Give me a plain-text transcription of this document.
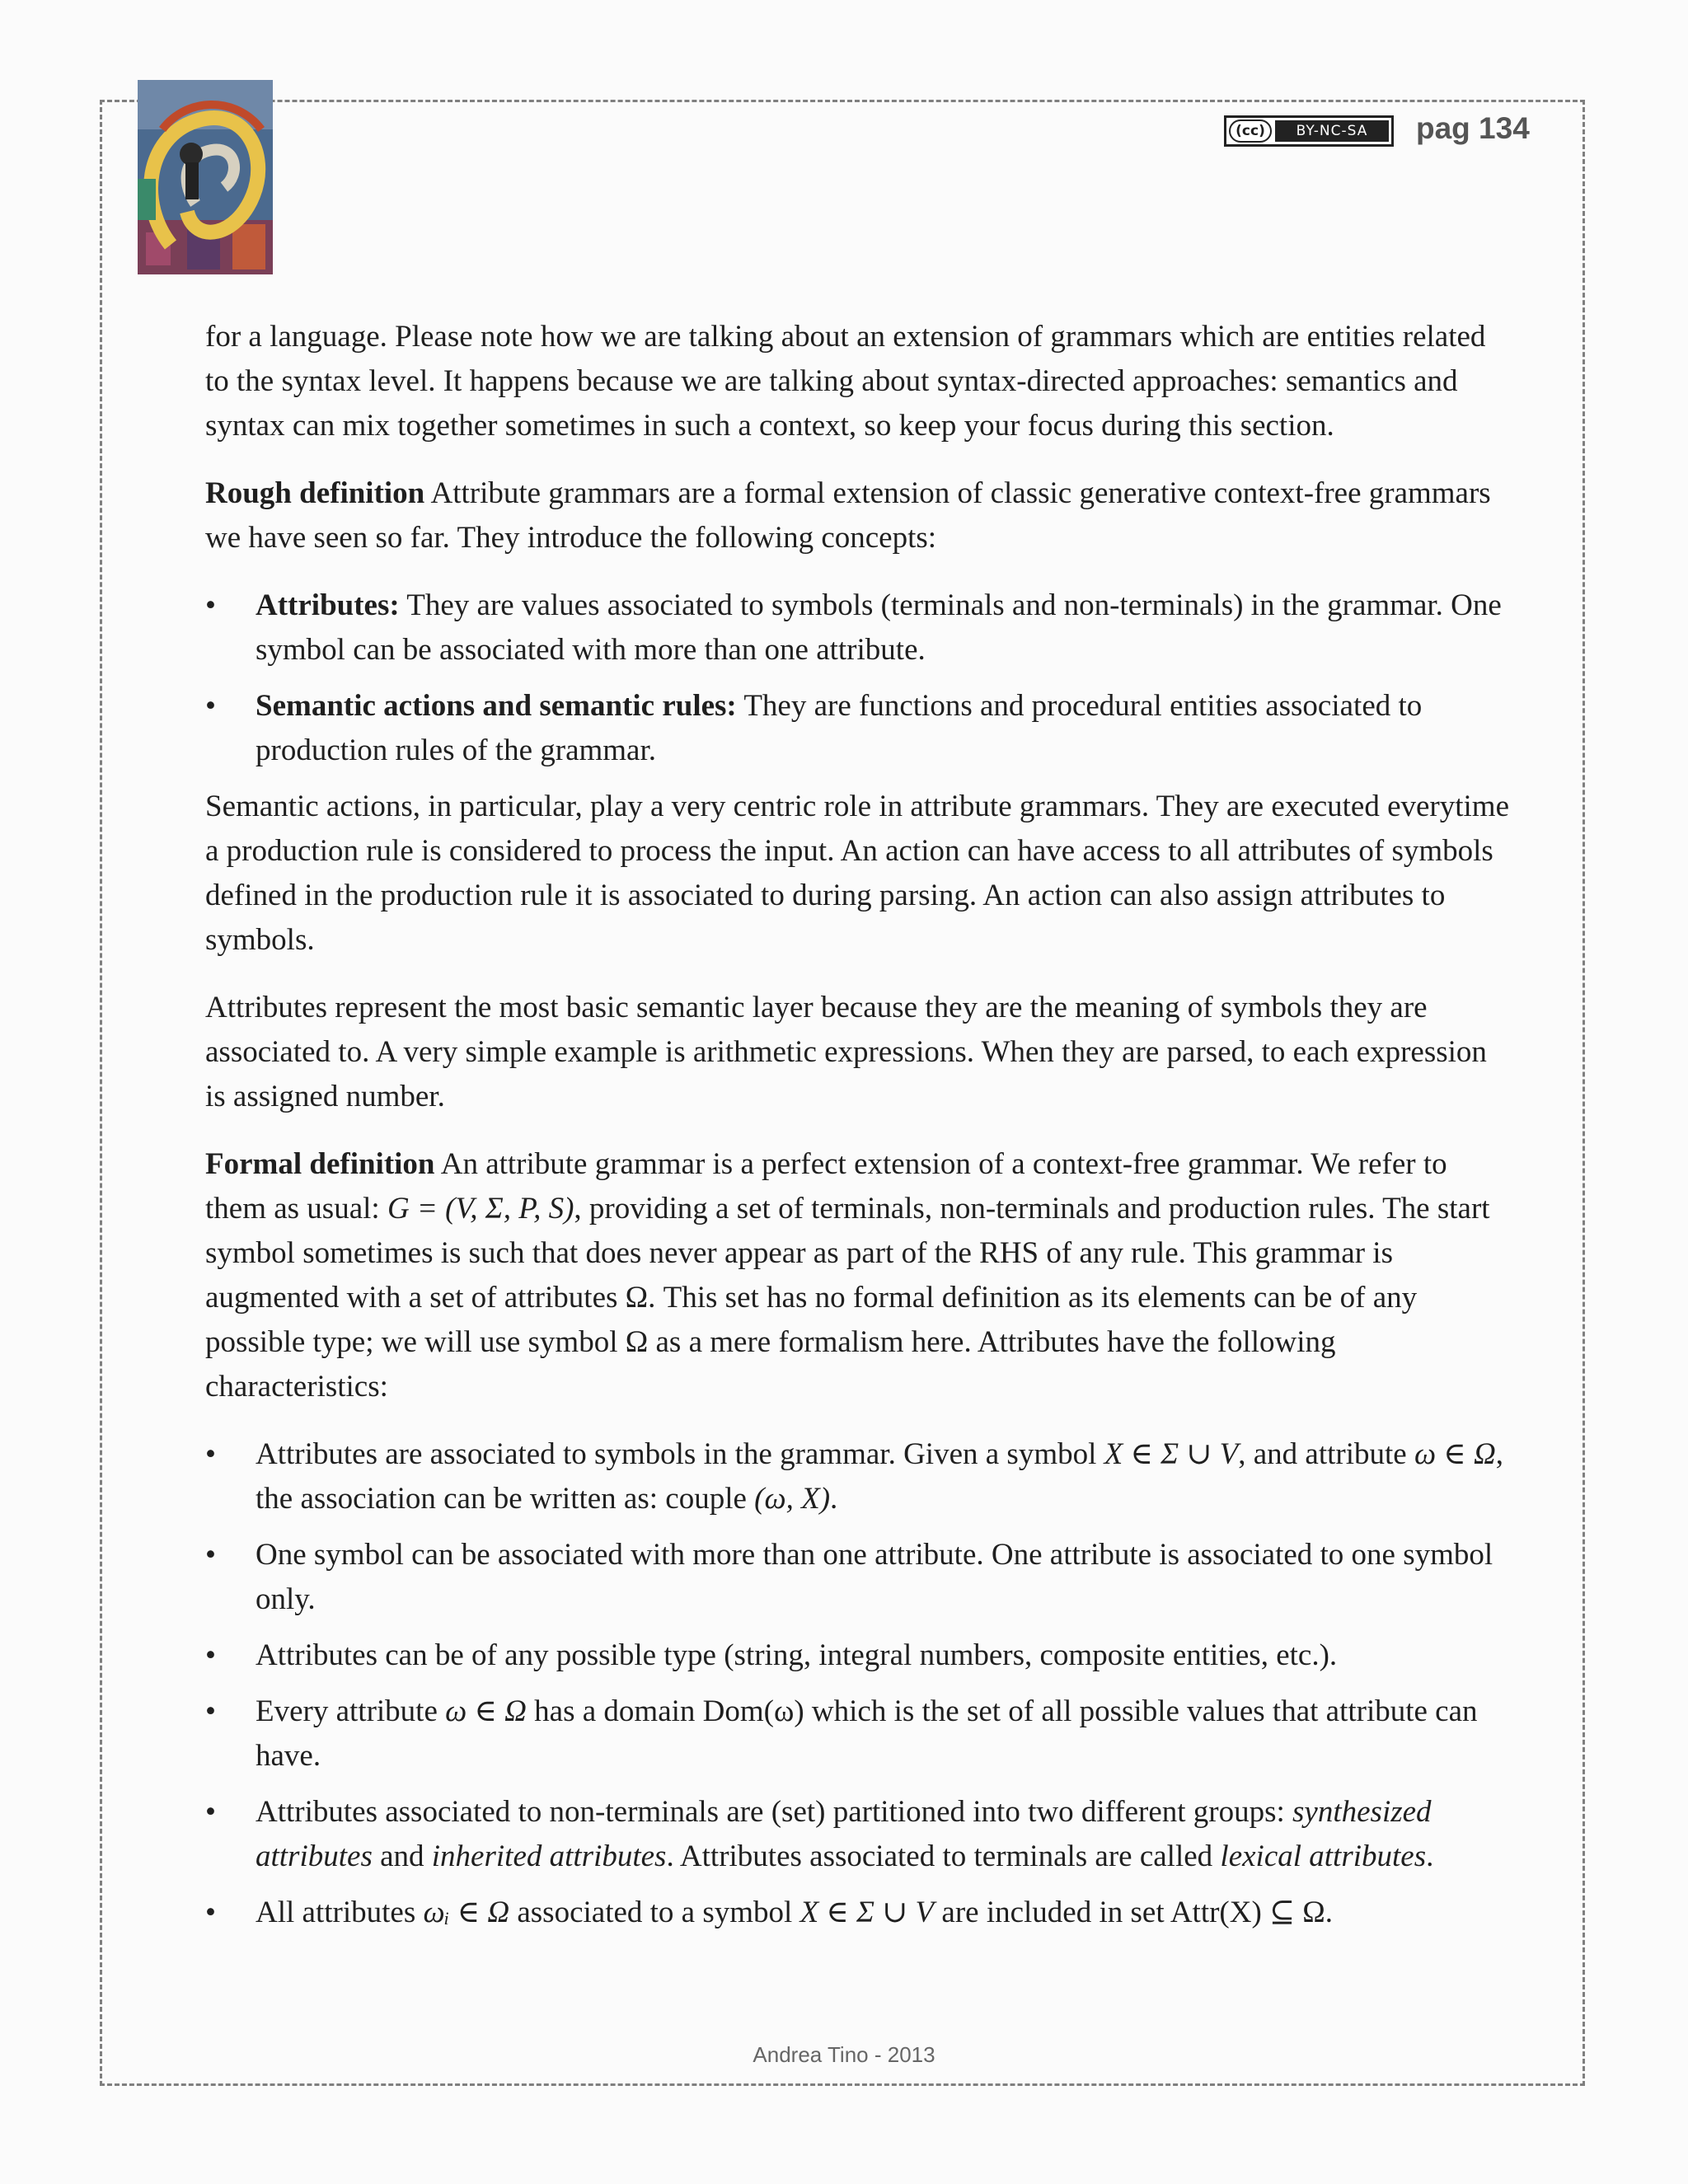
(cc)	BY-NC-SA	pag 134

for a language. Please note how we are talking about an extension of grammars which are entities related to the syntax level. It happens because we are talking about syntax-directed approaches: semantics and syntax can mix together sometimes in such a context, so keep your focus during this section.

Rough definition Attribute grammars are a formal extension of classic generative context-free grammars we have seen so far. They introduce the following concepts:

• Attributes: They are values associated to symbols (terminals and non-terminals) in the grammar. One symbol can be associated with more than one attribute.
• Semantic actions and semantic rules: They are functions and procedural entities associated to production rules of the grammar.

Semantic actions, in particular, play a very centric role in attribute grammars. They are executed everytime a production rule is considered to process the input. An action can have access to all attributes of symbols defined in the production rule it is associated to during parsing. An action can also assign attributes to symbols.

Attributes represent the most basic semantic layer because they are the meaning of symbols they are associated to. A very simple example is arithmetic expressions. When they are parsed, to each expression is assigned number.

Formal definition An attribute grammar is a perfect extension of a context-free grammar. We refer to them as usual: G = (V, Σ, P, S), providing a set of terminals, non-terminals and production rules. The start symbol sometimes is such that does never appear as part of the RHS of any rule. This grammar is augmented with a set of attributes Ω. This set has no formal definition as its elements can be of any possible type; we will use symbol Ω as a mere formalism here. Attributes have the following characteristics:

• Attributes are associated to symbols in the grammar. Given a symbol X ∈ Σ ∪ V, and attribute ω ∈ Ω, the association can be written as: couple (ω, X).
• One symbol can be associated with more than one attribute. One attribute is associated to one symbol only.
• Attributes can be of any possible type (string, integral numbers, composite entities, etc.).
• Every attribute ω ∈ Ω has a domain Dom(ω) which is the set of all possible values that attribute can have.
• Attributes associated to non-terminals are (set) partitioned into two different groups: synthesized attributes and inherited attributes. Attributes associated to terminals are called lexical attributes.
• All attributes ωᵢ ∈ Ω associated to a symbol X ∈ Σ ∪ V are included in set Attr(X) ⊆ Ω.
Andrea Tino - 2013
